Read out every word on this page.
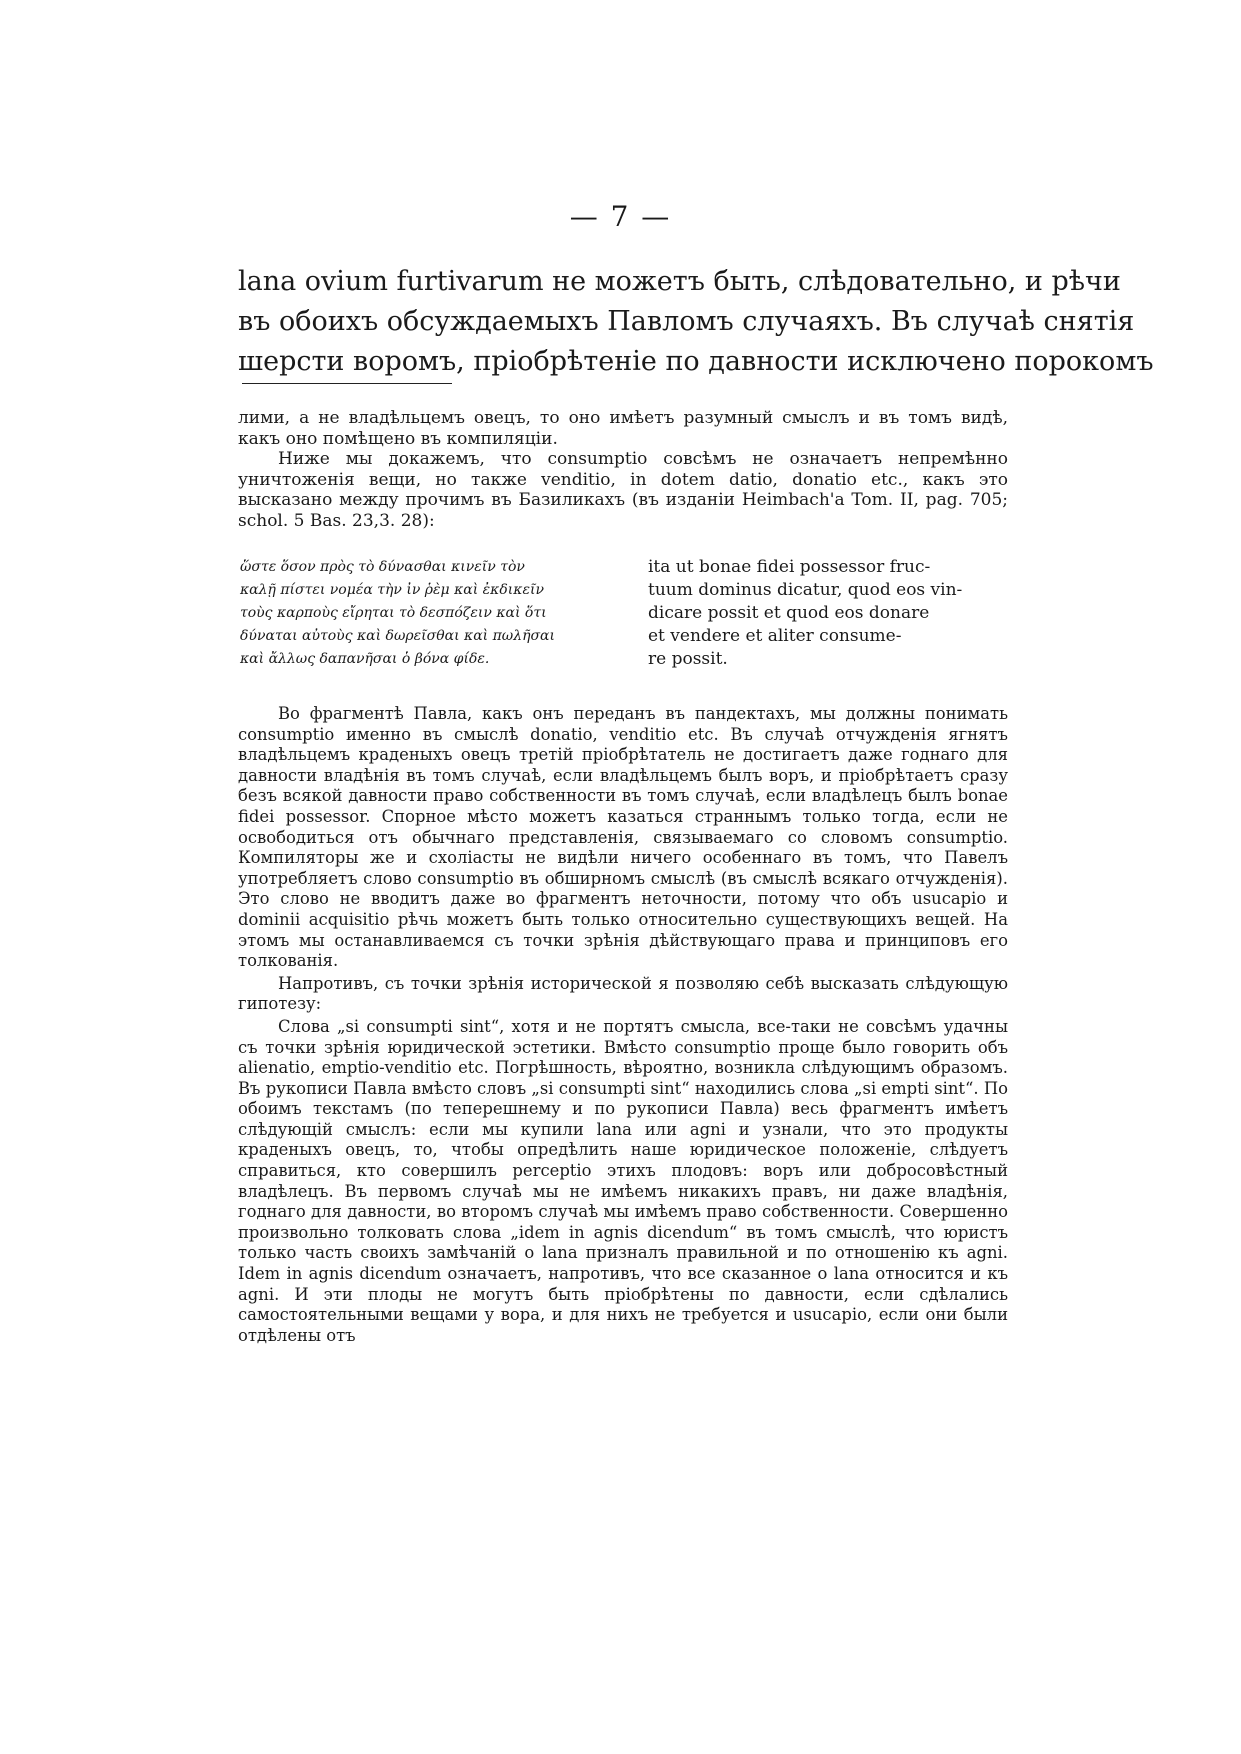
— 7 —
lana ovium furtivarum не можетъ быть, слѣдовательно, и рѣчи
въ обоихъ обсуждаемыхъ Павломъ случаяхъ. Въ случаѣ снятія
шерсти воромъ, пріобрѣтеніе по давности исключено порокомъ

лими, а не владѣльцемъ овецъ, то оно имѣетъ разумный смыслъ и въ томъ видѣ, какъ оно помѣщено въ компиляціи.

Ниже мы докажемъ, что consumptio совсѣмъ не означаетъ непремѣнно уничтоженія вещи, но также venditio, in dotem datio, donatio etc., какъ это высказано между прочимъ въ Базиликахъ (въ изданіи Heimbach'a Tom. II, pag. 705; schol. 5 Bas. 23,3. 28):

ὥστε ὅσον πρὸς τὸ δύνασθαι κινεῖν τὸν
καλῇ πίστει νομέα τὴν ἰν ῥὲμ καὶ ἐκδικεῖν
τοὺς καρποὺς εἴρηται τὸ δεσπόζειν καὶ ὅτι
δύναται αὐτοὺς καὶ δωρεῖσθαι καὶ πωλῆσαι
καὶ ἄλλως δαπανῆσαι ὁ βόνα φίδε.
ita ut bonae fidei possessor fruc-
tuum dominus dicatur, quod eos vin-
dicare possit et quod eos donare
et vendere et aliter consume-
re possit.

Во фрагментѣ Павла, какъ онъ переданъ въ пандектахъ, мы должны понимать consumptio именно въ смыслѣ donatio, venditio etc. Въ случаѣ отчужденія ягнятъ владѣльцемъ краденыхъ овецъ третій пріобрѣтатель не достигаетъ даже годнаго для давности владѣнія въ томъ случаѣ, если владѣльцемъ былъ воръ, и пріобрѣтаетъ сразу безъ всякой давности право собственности въ томъ случаѣ, если владѣлецъ былъ bonae fidei possessor. Спорное мѣсто можетъ казаться страннымъ только тогда, если не освободиться отъ обычнаго представленія, связываемаго со словомъ consumptio. Компиляторы же и схоліасты не видѣли ничего особеннаго въ томъ, что Павелъ употребляетъ слово consumptio въ обширномъ смыслѣ (въ смыслѣ всякаго отчужденія). Это слово не вводитъ даже во фрагментъ неточности, потому что объ usucapio и dominii acquisitio рѣчь можетъ быть только относительно существующихъ вещей. На этомъ мы останавливаемся съ точки зрѣнія дѣйствующаго права и принциповъ его толкованія.

Напротивъ, съ точки зрѣнія исторической я позволяю себѣ высказать слѣдующую гипотезу:

Слова „si consumpti sint“, хотя и не портятъ смысла, все-таки не совсѣмъ удачны съ точки зрѣнія юридической эстетики. Вмѣсто consumptio проще было говорить объ alienatio, emptio-venditio etc. Погрѣшность, вѣроятно, возникла слѣдующимъ образомъ. Въ рукописи Павла вмѣсто словъ „si consumpti sint“ находились слова „si empti sint“. По обоимъ текстамъ (по теперешнему и по рукописи Павла) весь фрагментъ имѣетъ слѣдующій смыслъ: если мы купили lana или agni и узнали, что это продукты краденыхъ овецъ, то, чтобы опредѣлить наше юридическое положеніе, слѣдуетъ справиться, кто совершилъ perceptio этихъ плодовъ: воръ или добросовѣстный владѣлецъ. Въ первомъ случаѣ мы не имѣемъ никакихъ правъ, ни даже владѣнія, годнаго для давности, во второмъ случаѣ мы имѣемъ право собственности. Совершенно произвольно толковать слова „idem in agnis dicendum“ въ томъ смыслѣ, что юристъ только часть своихъ замѣчаній о lana призналъ правильной и по отношенію къ agni. Idem in agnis dicendum означаетъ, напротивъ, что все сказанное о lana относится и къ agni. И эти плоды не могутъ быть пріобрѣтены по давности, если сдѣлались самостоятельными вещами у вора, и для нихъ не требуется и usucapio, если они были отдѣлены отъ
